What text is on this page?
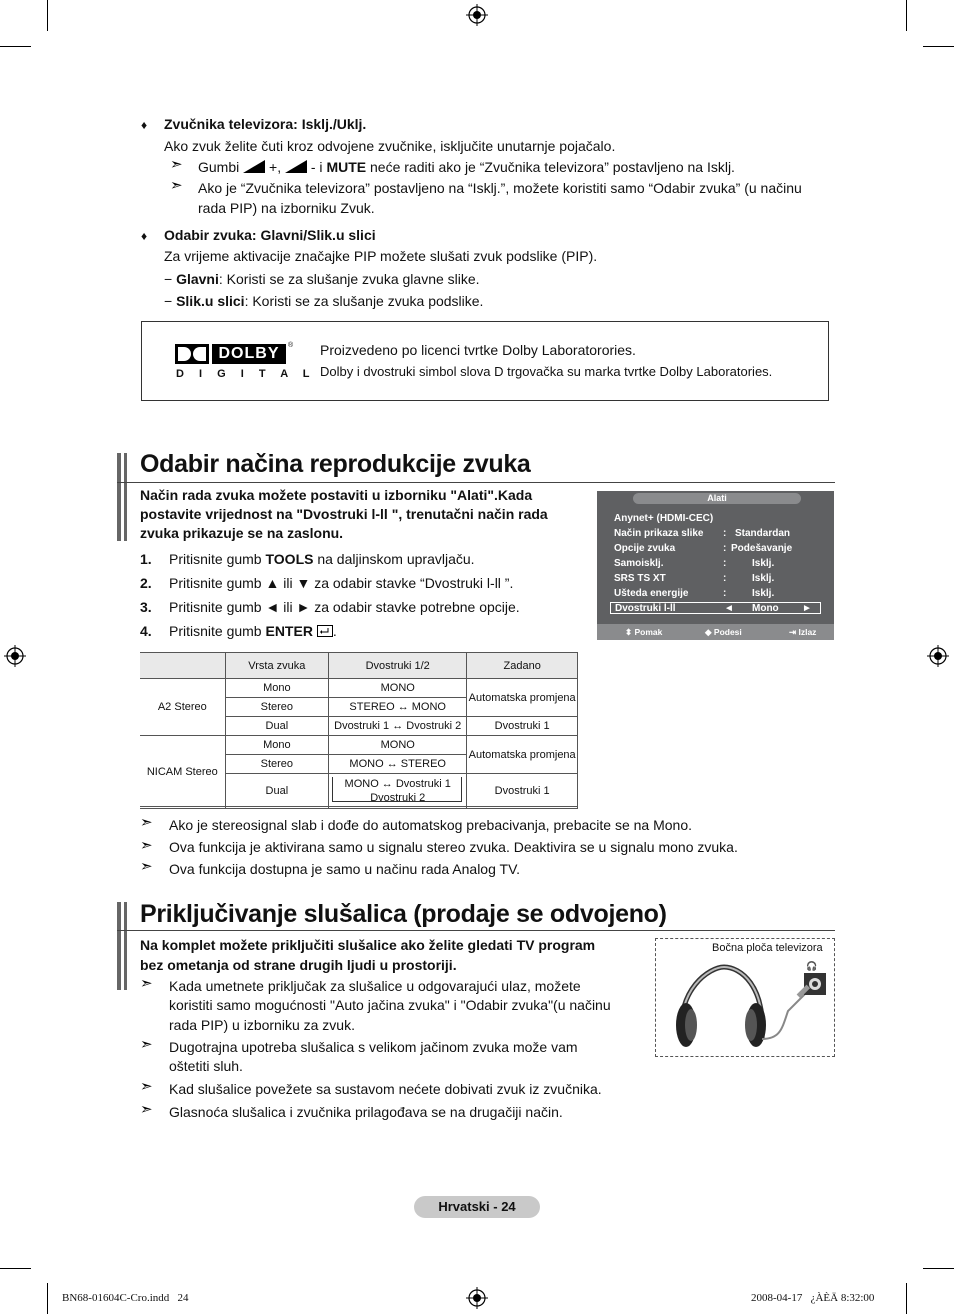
♦ Zvučnika televizora: Isklj./Uklj.
Ako zvuk želite čuti kroz odvojene zvučnike, isključite unutarnje pojačalo.
➣ Gumbi +, - i MUTE neće raditi ako je “Zvučnika televizora” postavljeno na Isklj.
➣ Ako je “Zvučnika televizora” postavljeno na “Isklj.”, možete koristiti samo “Odabir zvuka” (u načinu
rada PIP) na izborniku Zvuk.
♦ Odabir zvuka: Glavni/Slik.u slici
Za vrijeme aktivacije značajke PIP možete slušati zvuk podslike (PIP).
− Glavni: Koristi se za slušanje zvuka glavne slike.
− Slik.u slici: Koristi se za slušanje zvuka podslike.
DOLBY	®
D I G I T A L
Proizvedeno po licenci tvrtke Dolby Laboratorories.
Dolby i dvostruki simbol slova D trgovačka su marka tvrtke Dolby Laboratories.
Odabir načina reprodukcije zvuka
Način rada zvuka možete postaviti u izborniku "Alati".Kada
postavite vrijednost na "Dvostruki l-ll ", trenutačni način rada
zvuka prikazuje se na zaslonu.
1. Pritisnite gumb TOOLS na daljinskom upravljaču.
2. Pritisnite gumb ▲ ili ▼ za odabir stavke “Dvostruki l-ll ”.
3. Pritisnite gumb ◄ ili ► za odabir stavke potrebne opcije.
4. Pritisnite gumb ENTER .
Alati
Anynet+ (HDMI-CEC)
Način prikaza slike : Standardan
Opcije zvuka	: Podešavanje
Samoisklj.	:	Isklj.
SRS TS XT	:	Isklj.
Ušteda energije	:	Isklj.
Dvostruki l-ll	◄ Mono ►
⬍ Pomak	◆ Podesi	⇥ Izlaz
	Vrsta zvuka	Dvostruki 1/2	Zadano
A2 Stereo	Mono	MONO	Automatska promjena
	Stereo	STEREO ↔ MONO	
	Dual	Dvostruki 1 ↔ Dvostruki 2	Dvostruki 1
NICAM Stereo	Mono	MONO	Automatska promjena
	Stereo	MONO ↔ STEREO	
	Dual	MONO ↔ Dvostruki 1
Dvostruki 2	Dvostruki 1
➣ Ako je stereosignal slab i dođe do automatskog prebacivanja, prebacite se na Mono.
➣ Ova funkcija je aktivirana samo u signalu stereo zvuka. Deaktivira se u signalu mono zvuka.
➣ Ova funkcija dostupna je samo u načinu rada Analog TV.
Priključivanje slušalica (prodaje se odvojeno)
Na komplet možete priključiti slušalice ako želite gledati TV program
bez ometanja od strane drugih ljudi u prostoriji.
➣ Kada umetnete priključak za slušalice u odgovarajući ulaz, možete
koristiti samo mogućnosti "Auto jačina zvuka" i "Odabir zvuka"(u načinu
rada PIP) u izborniku za zvuk.
➣ Dugotrajna upotreba slušalica s velikom jačinom zvuka može vam
oštetiti sluh.
➣ Kad slušalice povežete sa sustavom nećete dobivati zvuk iz zvučnika.
➣ Glasnoća slušalica i zvučnika prilagođava se na drugačiji način.
Bočna ploča televizora
🎧
Hrvatski - 24
BN68-01604C-Cro.indd   24	2008-04-17   ¿ÀÈÄ 8:32:00
